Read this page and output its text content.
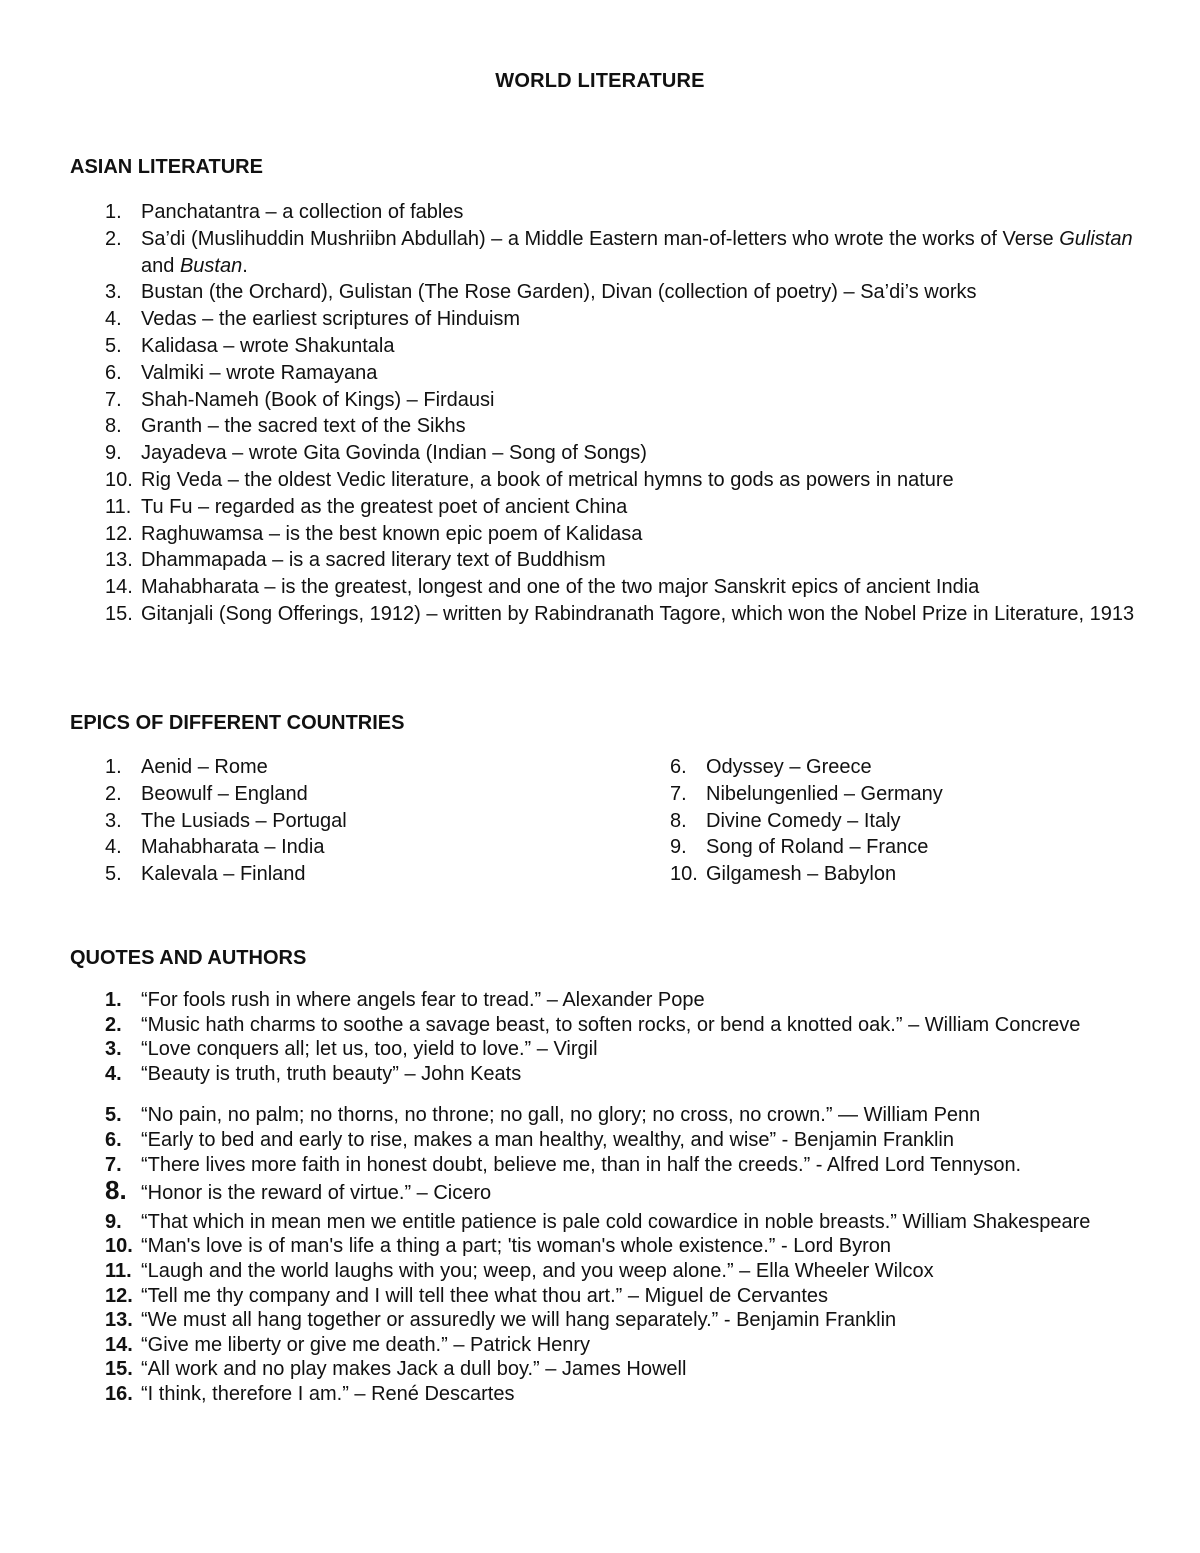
WORLD LITERATURE
ASIAN LITERATURE
1. Panchatantra – a collection of fables
2. Sa’di (Muslihuddin Mushriibn Abdullah) – a Middle Eastern man-of-letters who wrote the works of Verse Gulistan and Bustan.
3. Bustan (the Orchard), Gulistan (The Rose Garden), Divan (collection of poetry) – Sa’di’s works
4. Vedas – the earliest scriptures of Hinduism
5. Kalidasa – wrote Shakuntala
6. Valmiki – wrote Ramayana
7. Shah-Nameh (Book of Kings) – Firdausi
8. Granth – the sacred text of the Sikhs
9. Jayadeva – wrote Gita Govinda (Indian – Song of Songs)
10. Rig Veda – the oldest Vedic literature, a book of metrical hymns to gods as powers in nature
11. Tu Fu – regarded as the greatest poet of ancient China
12. Raghuwamsa – is the best known epic poem of Kalidasa
13. Dhammapada – is a sacred literary text of Buddhism
14. Mahabharata – is the greatest, longest and one of the two major Sanskrit epics of ancient India
15. Gitanjali (Song Offerings, 1912) – written by Rabindranath Tagore, which won the Nobel Prize in Literature, 1913
EPICS OF DIFFERENT COUNTRIES
1. Aenid – Rome
2. Beowulf – England
3. The Lusiads – Portugal
4. Mahabharata – India
5. Kalevala – Finland
6. Odyssey – Greece
7. Nibelungenlied – Germany
8. Divine Comedy – Italy
9. Song of Roland – France
10. Gilgamesh – Babylon
QUOTES AND AUTHORS
1. “For fools rush in where angels fear to tread.” – Alexander Pope
2. “Music hath charms to soothe a savage beast, to soften rocks, or bend a knotted oak.” – William Concreve
3. “Love conquers all; let us, too, yield to love.” – Virgil
4. “Beauty is truth, truth beauty” – John Keats
5. “No pain, no palm; no thorns, no throne; no gall, no glory; no cross, no crown.” — William Penn
6. “Early to bed and early to rise, makes a man healthy, wealthy, and wise” - Benjamin Franklin
7. “There lives more faith in honest doubt, believe me, than in half the creeds.” - Alfred Lord Tennyson.
8. “Honor is the reward of virtue.” – Cicero
9. “That which in mean men we entitle patience is pale cold cowardice in noble breasts.” William Shakespeare
10. “Man's love is of man's life a thing a part; 'tis woman's whole existence.” - Lord Byron
11. “Laugh and the world laughs with you; weep, and you weep alone.” – Ella Wheeler Wilcox
12. “Tell me thy company and I will tell thee what thou art.” – Miguel de Cervantes
13. “We must all hang together or assuredly we will hang separately.” - Benjamin Franklin
14. “Give me liberty or give me death.” – Patrick Henry
15. “All work and no play makes Jack a dull boy.” – James Howell
16. “I think, therefore I am.” – René Descartes
